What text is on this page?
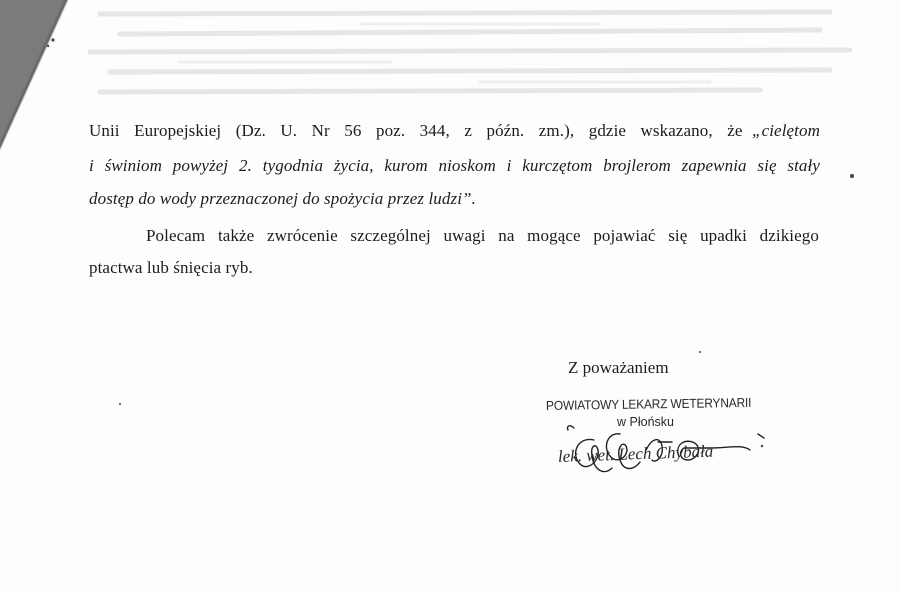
Unii Europejskiej (Dz. U. Nr 56 poz. 344, z późn. zm.), gdzie wskazano, że „cielętom

i świniom powyżej 2. tygodnia życia, kurom nioskom i kurczętom brojlerom zapewnia się stały

dostęp do wody przeznaczonej do spożycia przez ludzi”.

Polecam także zwrócenie szczególnej uwagi na mogące pojawiać się upadki dzikiego

ptactwa lub śnięcia ryb.

Z poważaniem

POWIATOWY LEKARZ WETERYNARII
w Płońsku
lek. wet. Lech Chybała
